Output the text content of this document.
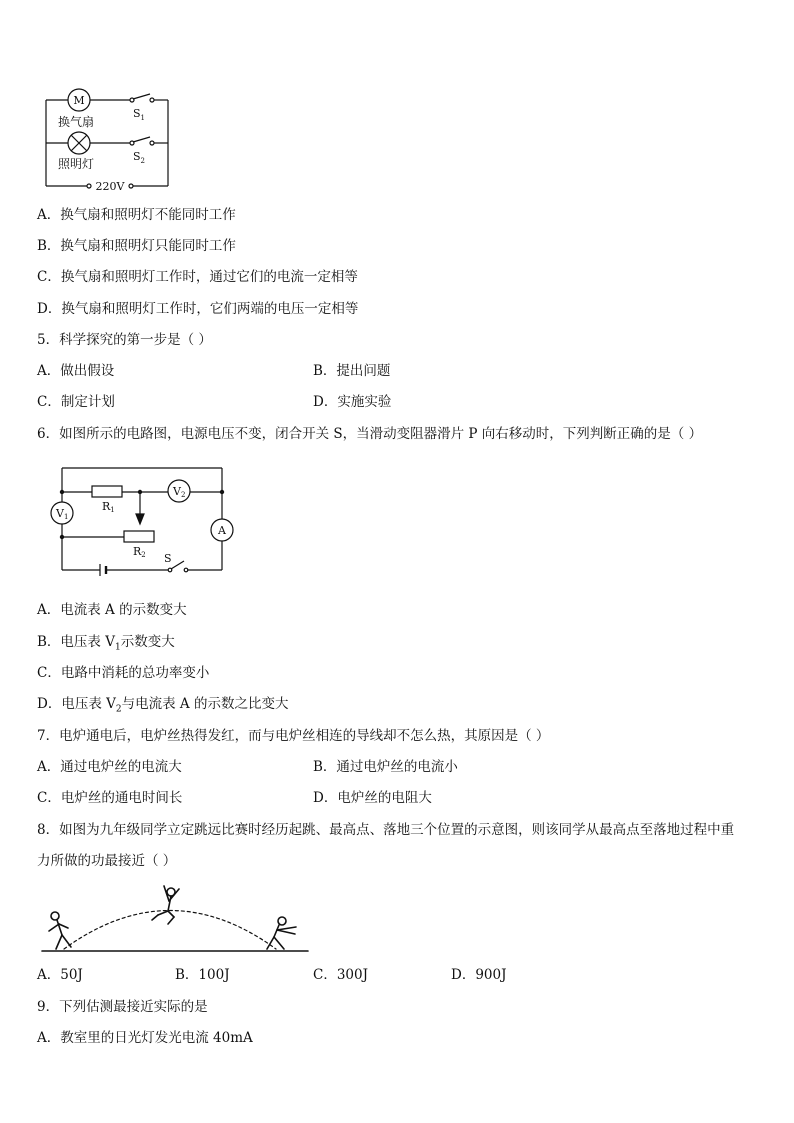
M
换气扇
照明灯
$S_1$
$S_2$
220V
A．换气扇和照明灯不能同时工作
B．换气扇和照明灯只能同时工作
C．换气扇和照明灯工作时，通过它们的电流一定相等
D．换气扇和照明灯工作时，它们两端的电压一定相等
5．科学探究的第一步是（ ）
A．做出假设	B．提出问题
C．制定计划	D．实施实验
6．如图所示的电路图，电源电压不变，闭合开关 S，当滑动变阻器滑片 P 向右移动时，下列判断正确的是（ ）
V1
V2
A
R1
R2 S
A．电流表 A 的示数变大
B．电压表 $V_1$示数变大
C．电路中消耗的总功率变小
D．电压表 $V_2$与电流表 A 的示数之比变大
7．电炉通电后，电炉丝热得发红，而与电炉丝相连的导线却不怎么热，其原因是（ ）
A．通过电炉丝的电流大	B．通过电炉丝的电流小
C．电炉丝的通电时间长	D．电炉丝的电阻大
8．如图为九年级同学立定跳远比赛时经历起跳、最高点、落地三个位置的示意图，则该同学从最高点至落地过程中重
力所做的功最接近（ ）
A．50J	B．100J	C．300J	D．900J
9．下列估测最接近实际的是
A．教室里的日光灯发光电流 40mA
